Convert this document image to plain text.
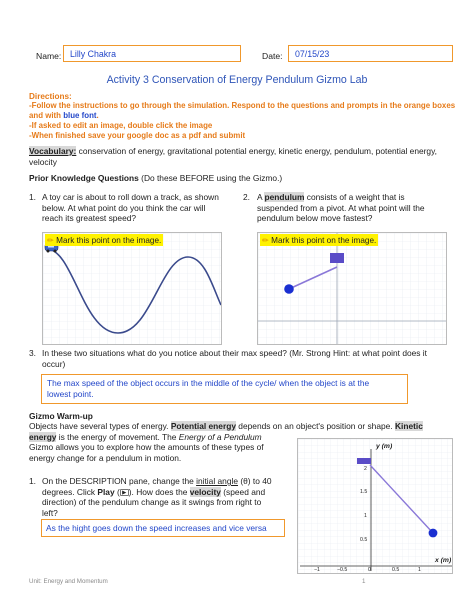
Name: Lilly Chakra	Date: 07/15/23
Activity 3 Conservation of Energy Pendulum Gizmo Lab
Directions:
-Follow the instructions to go through the simulation. Respond to the questions and prompts in the orange boxes
and with blue font.
-If asked to edit an image, double click the image
-When finished save your google doc as a pdf and submit
Vocabulary: conservation of energy, gravitational potential energy, kinetic energy, pendulum, potential energy,
velocity
Prior Knowledge Questions (Do these BEFORE using the Gizmo.)
1. A toy car is about to roll down a track, as shown
below. At what point do you think the car will
reach its greatest speed?
2. A pendulum consists of a weight that is
suspended from a pivot. At what point will the
pendulum below move fastest?
✏ Mark this point on the image.	✏ Mark this point on the image.
3. In these two situations what do you notice about their max speed? (Mr. Strong Hint: at what point does it
occur)
The max speed of the object occurs in the middle of the cycle/ when the object is at the
lowest point.
Gizmo Warm-up
Objects have several types of energy. Potential energy depends on an object's position or shape. Kinetic
energy is the energy of movement. The Energy of a Pendulum
Gizmo allows you to explore how the amounts of these types of
energy change for a pendulum in motion.
1. On the DESCRIPTION pane, change the initial angle (θ) to 40
degrees. Click Play ( ▶ ). How does the velocity (speed and
direction) of the pendulum change as it swings from right to
left?
As the hight goes down the speed increases and vice versa
y (m)
x (m)
2
1.5
1
0.5
−1	−0.5	0	0.5	1
Unit: Energy and Momentum	1
